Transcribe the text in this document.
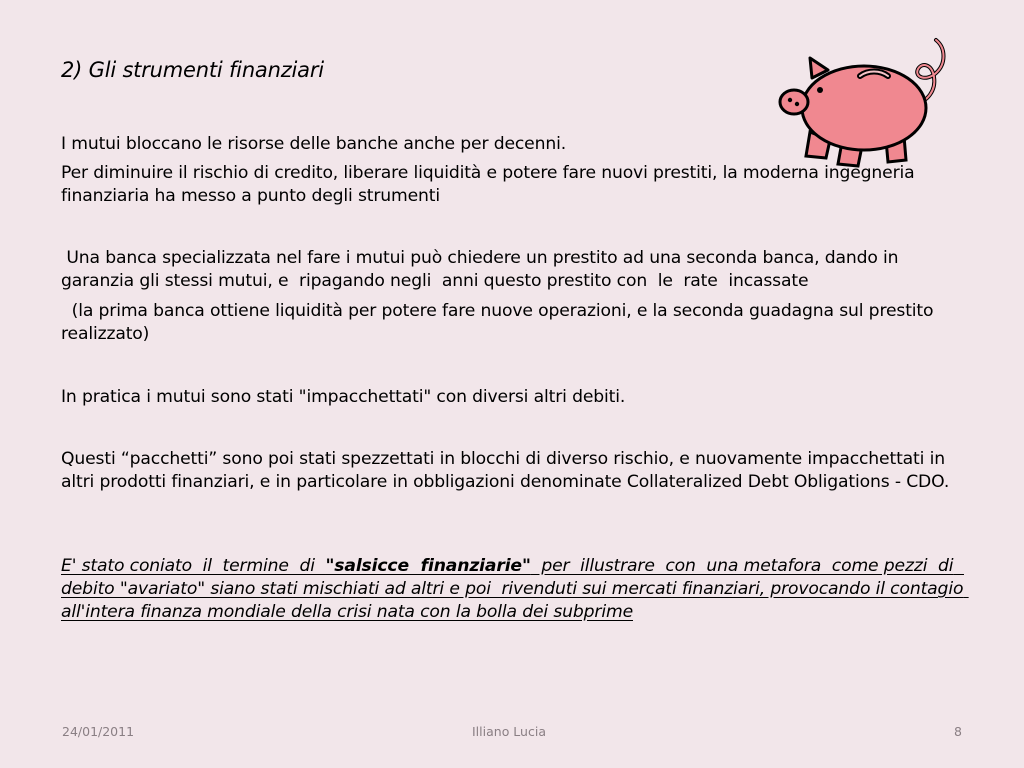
2) Gli strumenti finanziari
I mutui bloccano le risorse delle banche anche per decenni.
Per diminuire il rischio di credito, liberare liquidità e potere fare nuovi prestiti, la moderna ingegneria finanziaria ha messo a punto degli strumenti
Una banca specializzata nel fare i mutui può chiedere un prestito ad una seconda banca, dando in garanzia gli stessi mutui, e  ripagando negli  anni questo prestito con  le  rate  incassate
(la prima banca ottiene liquidità per potere fare nuove operazioni, e la seconda guadagna sul prestito realizzato)
In pratica i mutui sono stati "impacchettati" con diversi altri debiti.
Questi “pacchetti” sono poi stati spezzettati in blocchi di diverso rischio, e nuovamente impacchettati in altri prodotti finanziari, e in particolare in obbligazioni denominate Collateralized Debt Obligations - CDO.
E' stato coniato  il  termine  di  "salsicce  finanziarie"  per  illustrare  con  una metafora  come pezzi  di  debito "avariato" siano stati mischiati ad altri e poi  rivenduti sui mercati finanziari, provocando il contagio all'intera finanza mondiale della crisi nata con la bolla dei subprime
24/01/2011	Illiano Lucia	8
